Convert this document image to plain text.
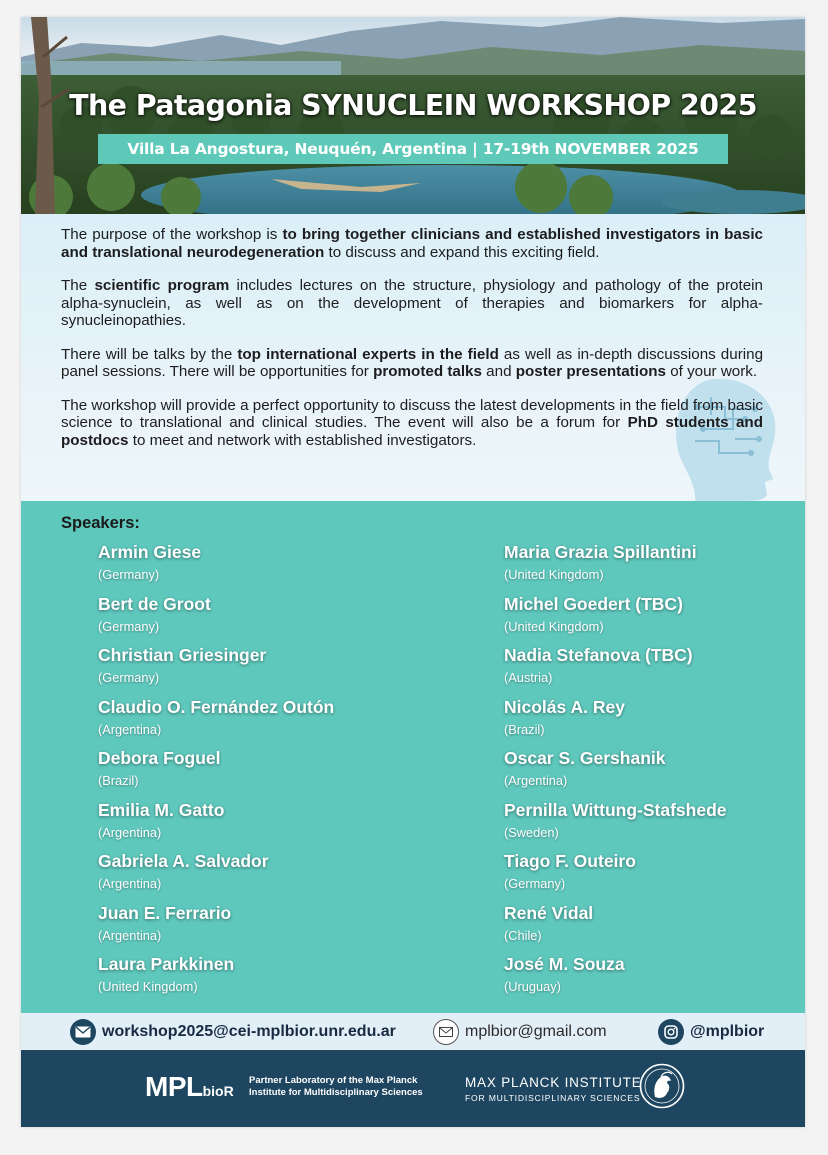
The Patagonia SYNUCLEIN WORKSHOP 2025
Villa La Angostura, Neuquén, Argentina | 17-19th NOVEMBER 2025

The purpose of the workshop is to bring together clinicians and established investigators in basic and translational neurodegeneration to discuss and expand this exciting field.

The scientific program includes lectures on the structure, physiology and pathology of the protein alpha-synuclein, as well as on the development of therapies and biomarkers for alpha-synucleinopathies.

There will be talks by the top international experts in the field as well as in-depth discussions during panel sessions. There will be opportunities for promoted talks and poster presentations of your work.

The workshop will provide a perfect opportunity to discuss the latest developments in the field from basic science to translational and clinical studies. The event will also be a forum for PhD students and postdocs to meet and network with established investigators.

Speakers:
Armin Giese
(Germany)
Bert de Groot
(Germany)
Christian Griesinger
(Germany)
Claudio O. Fernández Outón
(Argentina)
Debora Foguel
(Brazil)
Emilia M. Gatto
(Argentina)
Gabriela A. Salvador
(Argentina)
Juan E. Ferrario
(Argentina)
Laura Parkkinen
(United Kingdom)
Maria Grazia Spillantini
(United Kingdom)
Michel Goedert (TBC)
(United Kingdom)
Nadia Stefanova (TBC)
(Austria)
Nicolás A. Rey
(Brazil)
Oscar S. Gershanik
(Argentina)
Pernilla Wittung-Stafshede
(Sweden)
Tiago F. Outeiro
(Germany)
René Vidal
(Chile)
José M. Souza
(Uruguay)
workshop2025@cei-mplbior.unr.edu.ar	mplbior@gmail.com	@mplbior
MPLbioR
Partner Laboratory of the Max Planck
Institute for Multidisciplinary Sciences
MAX PLANCK INSTITUTE
FOR MULTIDISCIPLINARY SCIENCES
